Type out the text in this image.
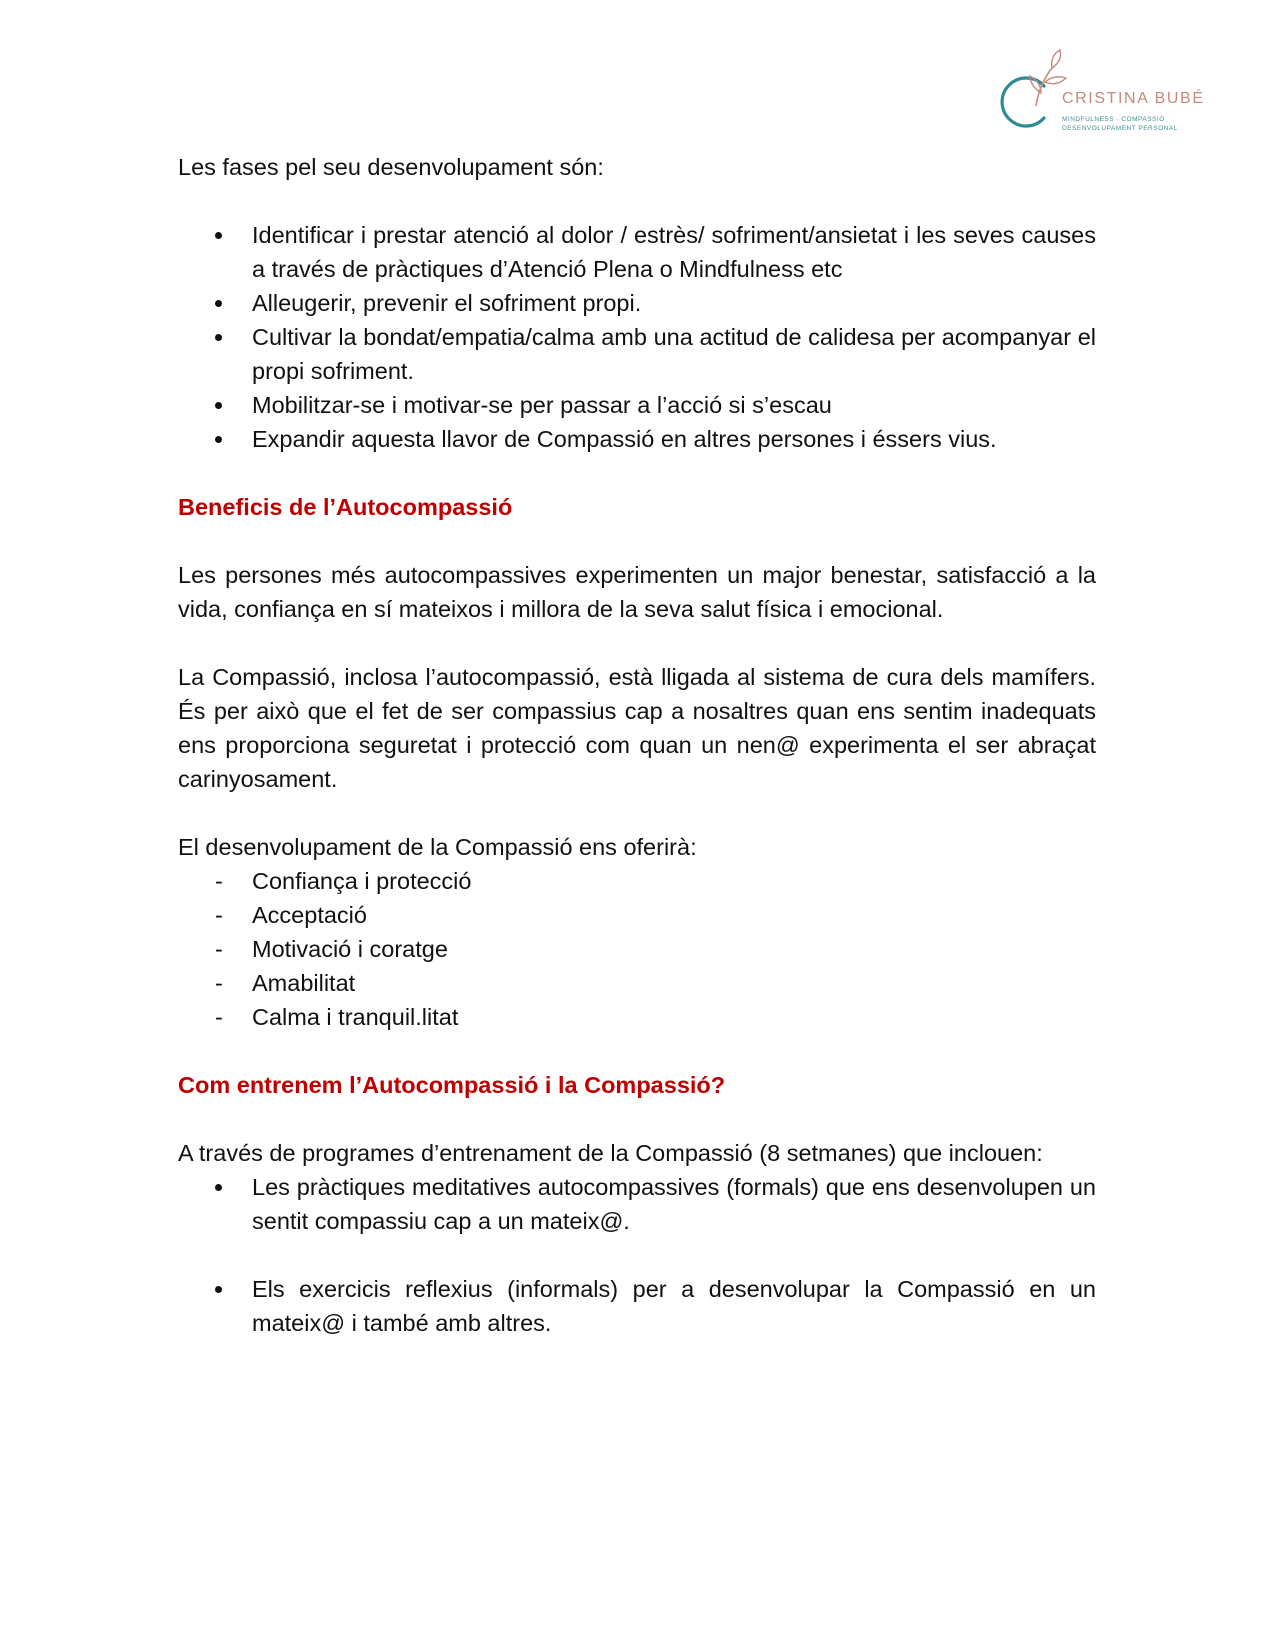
CRISTINA BUBÉ
MINDFULNESS · COMPASSIÓ
DESENVOLUPAMENT PERSONAL

Les fases pel seu desenvolupament són:

Identificar i prestar atenció al dolor / estrès/ sofriment/ansietat i les seves causes a través de pràctiques d’Atenció Plena o Mindfulness etc
Alleugerir, prevenir el sofriment propi.
Cultivar la bondat/empatia/calma amb una actitud de calidesa per acompanyar el propi sofriment.
Mobilitzar-se i motivar-se per passar a l’acció si s’escau
Expandir aquesta llavor de Compassió en altres persones i éssers vius.
Beneficis de l’Autocompassió

Les persones més autocompassives experimenten un major benestar, satisfacció a la vida, confiança en sí mateixos i millora de la seva salut física i emocional.

La Compassió, inclosa l’autocompassió, està lligada al sistema de cura dels mamífers. És per això que el fet de ser compassius cap a nosaltres quan ens sentim inadequats ens proporciona seguretat i protecció com quan un nen@ experimenta el ser abraçat carinyosament.

El desenvolupament de la Compassió ens oferirà:

- Confiança i protecció
- Acceptació
- Motivació i coratge
- Amabilitat
- Calma i tranquil.litat
Com entrenem l’Autocompassió i la Compassió?

A través de programes d’entrenament de la Compassió (8 setmanes) que inclouen:

Les pràctiques meditatives autocompassives (formals) que ens desenvolupen un sentit compassiu cap a un mateix@.
Els exercicis reflexius (informals) per a desenvolupar la Compassió en un mateix@ i també amb altres.
